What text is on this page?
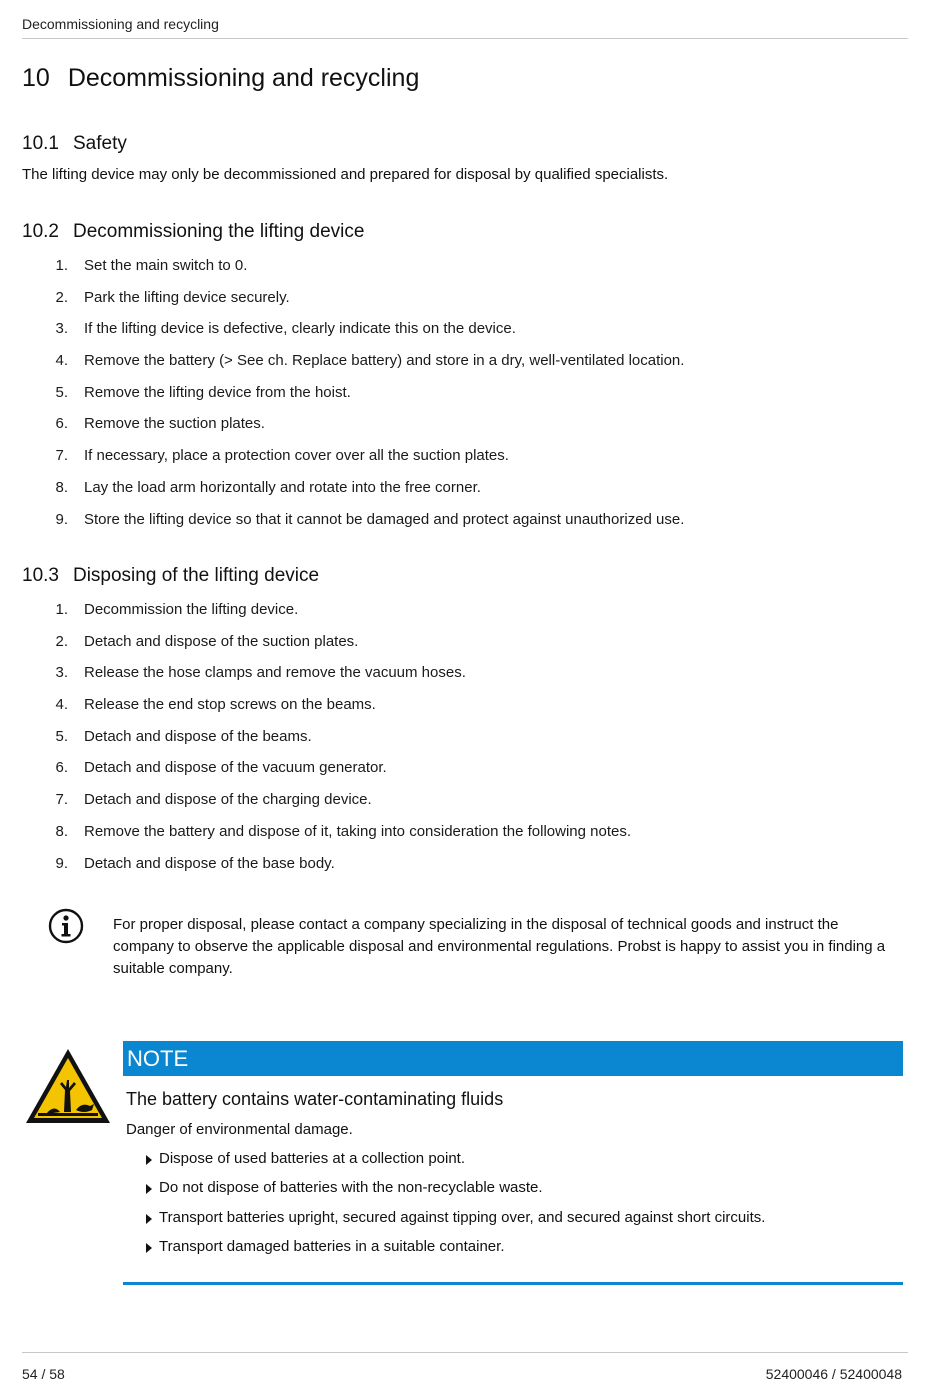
Decommissioning and recycling
10 Decommissioning and recycling
10.1 Safety
The lifting device may only be decommissioned and prepared for disposal by qualified specialists.
10.2 Decommissioning the lifting device
1.	Set the main switch to 0.
2.	Park the lifting device securely.
3.	If the lifting device is defective, clearly indicate this on the device.
4.	Remove the battery (> See ch. Replace battery) and store in a dry, well-ventilated location.
5.	Remove the lifting device from the hoist.
6.	Remove the suction plates.
7.	If necessary, place a protection cover over all the suction plates.
8.	Lay the load arm horizontally and rotate into the free corner.
9.	Store the lifting device so that it cannot be damaged and protect against unauthorized use.
10.3 Disposing of the lifting device
1.	Decommission the lifting device.
2.	Detach and dispose of the suction plates.
3.	Release the hose clamps and remove the vacuum hoses.
4.	Release the end stop screws on the beams.
5.	Detach and dispose of the beams.
6.	Detach and dispose of the vacuum generator.
7.	Detach and dispose of the charging device.
8.	Remove the battery and dispose of it, taking into consideration the following notes.
9.	Detach and dispose of the base body.
For proper disposal, please contact a company specializing in the disposal of technical goods and instruct the company to observe the applicable disposal and environmental regulations. Probst is happy to assist you in finding a suitable company.
NOTE
The battery contains water-contaminating fluids
Danger of environmental damage.
Dispose of used batteries at a collection point.
Do not dispose of batteries with the non-recyclable waste.
Transport batteries upright, secured against tipping over, and secured against short circuits.
Transport damaged batteries in a suitable container.
54 / 58	52400046 / 52400048
